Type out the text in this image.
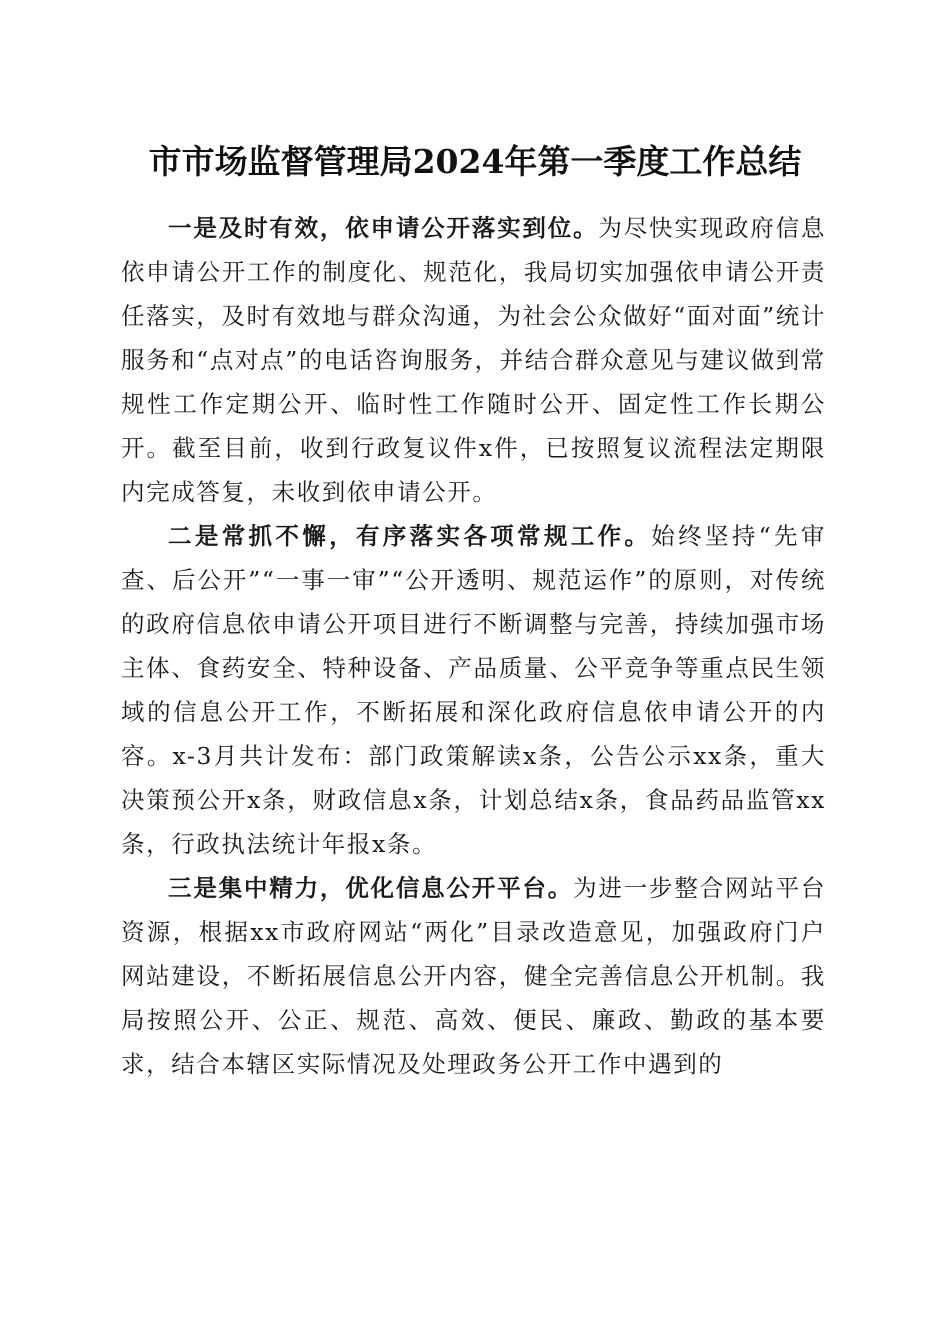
市市场监督管理局2024年第一季度工作总结

一是及时有效，依申请公开落实到位。为尽快实现政府信息依申请公开工作的制度化、规范化，我局切实加强依申请公开责任落实，及时有效地与群众沟通，为社会公众做好“面对面”统计服务和“点对点”的电话咨询服务，并结合群众意见与建议做到常规性工作定期公开、临时性工作随时公开、固定性工作长期公开。截至目前，收到行政复议件x件，已按照复议流程法定期限内完成答复，未收到依申请公开。

二是常抓不懈，有序落实各项常规工作。始终坚持“先审查、后公开”“一事一审”“公开透明、规范运作”的原则，对传统的政府信息依申请公开项目进行不断调整与完善，持续加强市场主体、食药安全、特种设备、产品质量、公平竞争等重点民生领域的信息公开工作，不断拓展和深化政府信息依申请公开的内容。x-3月共计发布：部门政策解读x条，公告公示xx条，重大决策预公开x条，财政信息x条，计划总结x条，食品药品监管xx条，行政执法统计年报x条。

三是集中精力，优化信息公开平台。为进一步整合网站平台资源，根据xx市政府网站“两化”目录改造意见，加强政府门户网站建设，不断拓展信息公开内容，健全完善信息公开机制。我局按照公开、公正、规范、高效、便民、廉政、勤政的基本要求，结合本辖区实际情况及处理政务公开工作中遇到的
